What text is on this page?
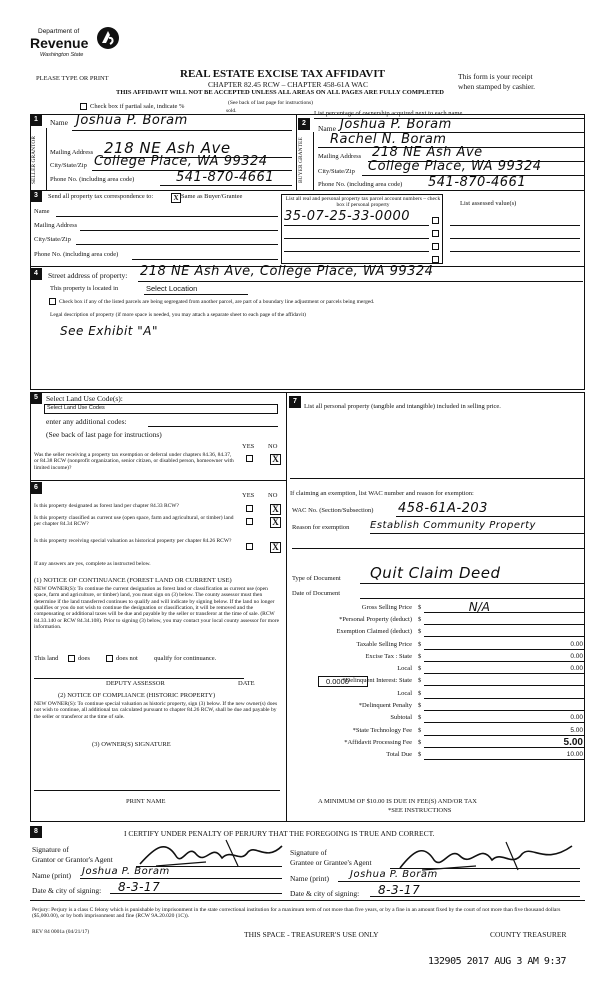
Department of
Revenue
Washington State
PLEASE TYPE OR PRINT	REAL ESTATE EXCISE TAX AFFIDAVIT
CHAPTER 82.45 RCW – CHAPTER 458-61A WAC
THIS AFFIDAVIT WILL NOT BE ACCEPTED UNLESS ALL AREAS ON ALL PAGES ARE FULLY COMPLETED
This form is your receipt
when stamped by cashier.
Check box if partial sale, indicate %
sold.
(See back of last page for instructions)
List percentage of ownership acquired next to each name.
1
SELLER GRANTOR
Name Joshua P. Boram
Mailing Address 218 NE Ash Ave
City/State/Zip College Place, WA 99324
Phone No. (including area code)	541-870-4661
2
BUYER GRANTEE
Name Joshua P. Boram
Rachel N. Boram
Mailing Address 218 NE Ash Ave
City/State/Zip College Place, WA 99324
Phone No. (including area code) 541-870-4661
3	Send all property tax correspondence to:	X Same as Buyer/Grantee
Name
Mailing Address
City/State/Zip
Phone No. (including area code)
List all real and personal property tax parcel account numbers – check box if personal property
35-07-25-33-0000
List assessed value(s)
4	Street address of property: 218 NE Ash Ave, College Place, WA 99324
This property is located in	Select Location
Check box if any of the listed parcels are being segregated from another parcel, are part of a boundary line adjustment or parcels being merged.
Legal description of property (if more space is needed, you may attach a separate sheet to each page of the affidavit)
See Exhibit "A"
5	Select Land Use Code(s):
Select Land Use Codes
enter any additional codes:
(See back of last page for instructions)
YES NO
Was the seller receiving a property tax exemption or deferral under chapters 84.36, 84.37, or 84.38 RCW (nonprofit organization, senior citizen, or disabled person, homeowner with limited income)?
X
6
YES NO
Is this property designated as forest land per chapter 84.33 RCW?	X
Is this property classified as current use (open space, farm and agricultural, or timber) land per chapter 84.34 RCW?	X
Is this property receiving special valuation as historical property per chapter 84.26 RCW?
X
If any answers are yes, complete as instructed below.
(1) NOTICE OF CONTINUANCE (FOREST LAND OR CURRENT USE)
NEW OWNER(S): To continue the current designation as forest land or classification as current use (open space, farm and agriculture, or timber) land, you must sign on (3) below. The county assessor must then determine if the land transferred continues to qualify and will indicate by signing below. If the land no longer qualifies or you do not wish to continue the designation or classification, it will be removed and the compensating or additional taxes will be due and payable by the seller or transferor at the time of sale. (RCW 84.33.140 or RCW 84.34.108). Prior to signing (3) below, you may contact your local county assessor for more information.
This land	does	does not qualify for continuance.
DEPUTY ASSESSOR	DATE
(2) NOTICE OF COMPLIANCE (HISTORIC PROPERTY)
NEW OWNER(S): To continue special valuation as historic property, sign (3) below. If the new owner(s) does not wish to continue, all additional tax calculated pursuant to chapter 84.26 RCW, shall be due and payable by the seller or transferor at the time of sale.
(3) OWNER(S) SIGNATURE
PRINT NAME
7
List all personal property (tangible and intangible) included in selling price.
If claiming an exemption, list WAC number and reason for exemption:
WAC No. (Section/Subsection) 458-61A-203
Reason for exemption Establish Community Property
Type of Document Quit Claim Deed
Date of Document
Gross Selling Price $	N/A
*Personal Property (deduct) $
Exemption Claimed (deduct) $
Taxable Selling Price $	0.00
Excise Tax : State $	0.00
Local $	0.00
*Delinquent Interest: State $
Local $
*Delinquent Penalty $
Subtotal $	0.00
*State Technology Fee $	5.00
*Affidavit Processing Fee $	5.00
Total Due $	10.00
0.0000
A MINIMUM OF $10.00 IS DUE IN FEE(S) AND/OR TAX
*SEE INSTRUCTIONS
8	I CERTIFY UNDER PENALTY OF PERJURY THAT THE FOREGOING IS TRUE AND CORRECT.
Signature of
Grantor or Grantor's Agent
Name (print) Joshua P. Boram
Date & city of signing: 8-3-17
Signature of
Grantee or Grantee's Agent
Name (print) Joshua P. Boram
Date & city of signing: 8-3-17
Perjury: Perjury is a class C felony which is punishable by imprisonment in the state correctional institution for a maximum term of not more than five years, or by a fine in an amount fixed by the court of not more than five thousand dollars ($5,000.00), or by both imprisonment and fine (RCW 9A.20.020 (1C)).
REV 84 0001a (04/21/17)	THIS SPACE - TREASURER'S USE ONLY	COUNTY TREASURER
132905 2017 AUG 3 AM 9:37
